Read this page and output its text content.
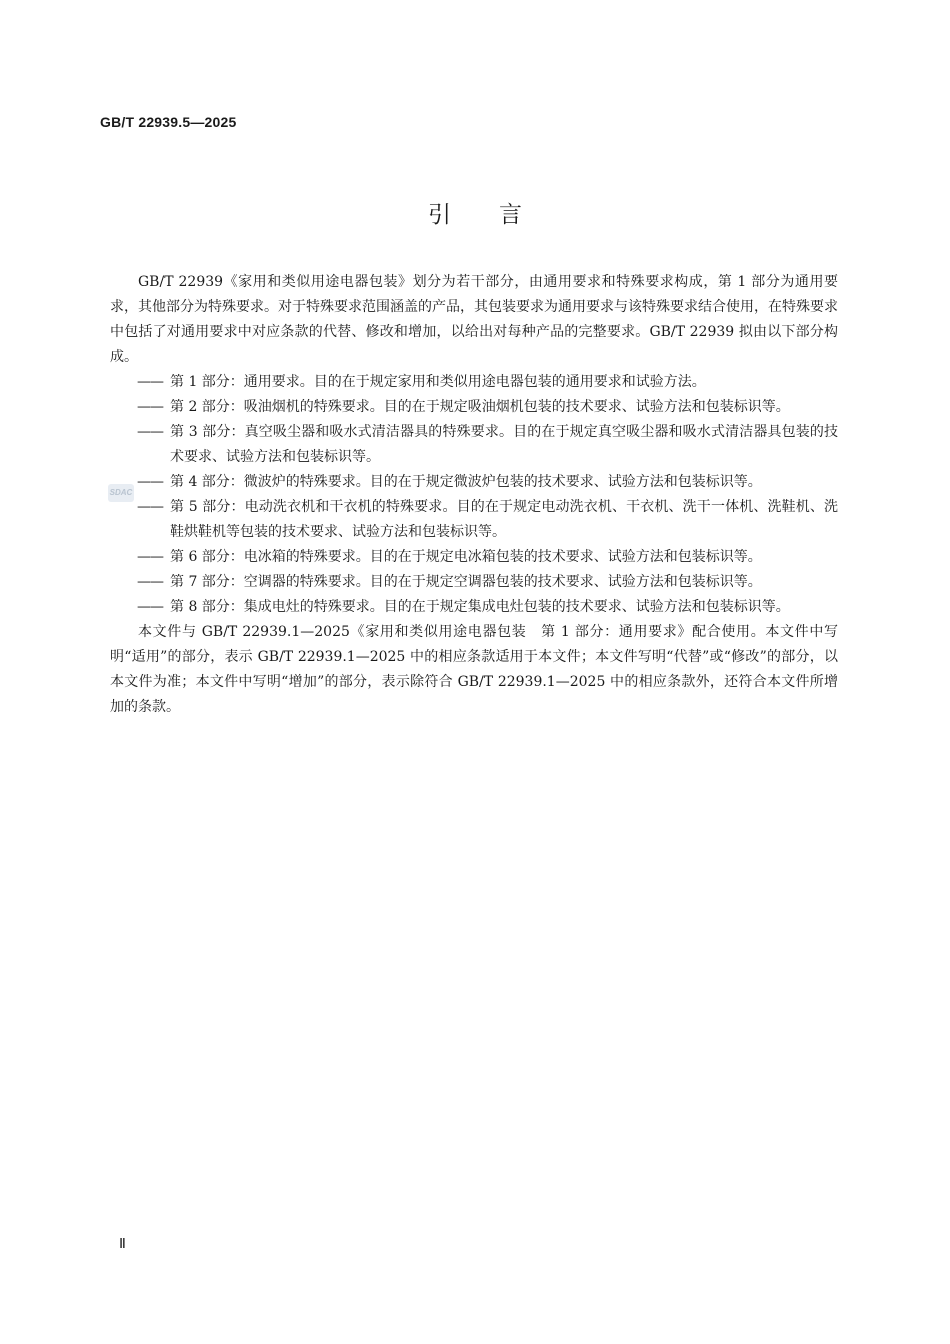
GB/T 22939.5—2025
引言

GB/T 22939《家用和类似用途电器包装》划分为若干部分，由通用要求和特殊要求构成，第 1 部分为通用要求，其他部分为特殊要求。对于特殊要求范围涵盖的产品，其包装要求为通用要求与该特殊要求结合使用，在特殊要求中包括了对通用要求中对应条款的代替、修改和增加，以给出对每种产品的完整要求。GB/T 22939 拟由以下部分构成。

—— 第 1 部分：通用要求。目的在于规定家用和类似用途电器包装的通用要求和试验方法。
—— 第 2 部分：吸油烟机的特殊要求。目的在于规定吸油烟机包装的技术要求、试验方法和包装标识等。
—— 第 3 部分：真空吸尘器和吸水式清洁器具的特殊要求。目的在于规定真空吸尘器和吸水式清洁器具包装的技术要求、试验方法和包装标识等。
—— 第 4 部分：微波炉的特殊要求。目的在于规定微波炉包装的技术要求、试验方法和包装标识等。
—— 第 5 部分：电动洗衣机和干衣机的特殊要求。目的在于规定电动洗衣机、干衣机、洗干一体机、洗鞋机、洗鞋烘鞋机等包装的技术要求、试验方法和包装标识等。
—— 第 6 部分：电冰箱的特殊要求。目的在于规定电冰箱包装的技术要求、试验方法和包装标识等。
—— 第 7 部分：空调器的特殊要求。目的在于规定空调器包装的技术要求、试验方法和包装标识等。
—— 第 8 部分：集成电灶的特殊要求。目的在于规定集成电灶包装的技术要求、试验方法和包装标识等。

本文件与 GB/T 22939.1—2025《家用和类似用途电器包装　第 1 部分：通用要求》配合使用。本文件中写明“适用”的部分，表示 GB/T 22939.1—2025 中的相应条款适用于本文件；本文件写明“代替”或“修改”的部分，以本文件为准；本文件中写明“增加”的部分，表示除符合 GB/T 22939.1—2025 中的相应条款外，还符合本文件所增加的条款。

SDAC
Ⅱ
